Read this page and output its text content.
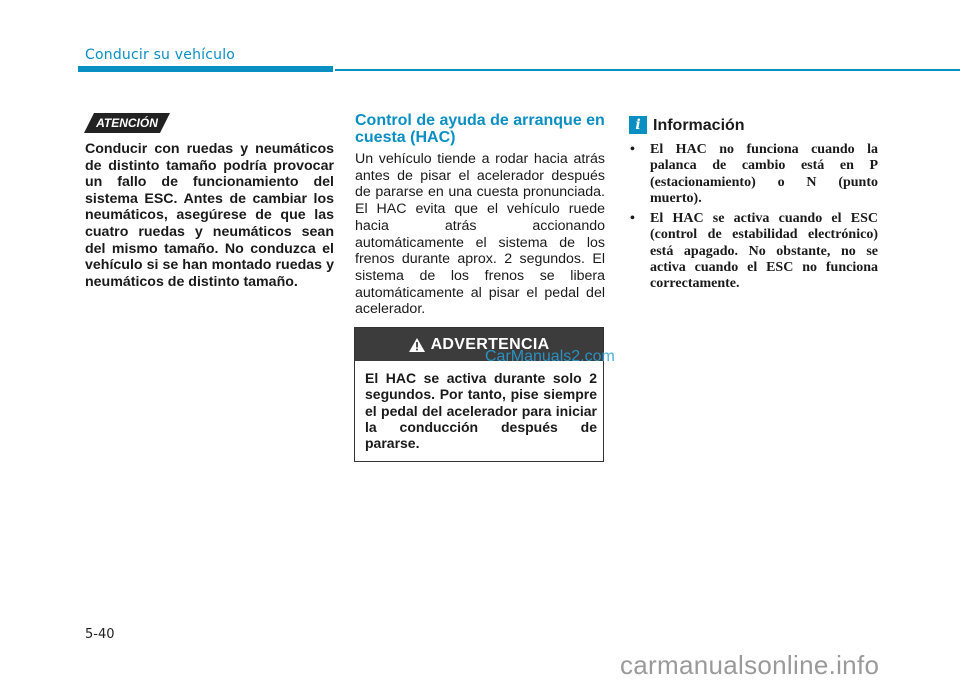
Conducir su vehículo
ATENCIÓN

Conducir con ruedas y neumáticos de distinto tamaño podría provocar un fallo de funcionamiento del sistema ESC. Antes de cambiar los neumáticos, asegúrese de que las cuatro ruedas y neumáticos sean del mismo tamaño. No conduzca el vehículo si se han montado ruedas y neumáticos de distinto tamaño.

Control de ayuda de arranque en cuesta (HAC)

Un vehículo tiende a rodar hacia atrás antes de pisar el acelerador después de pararse en una cuesta pronunciada. El HAC evita que el vehículo ruede hacia atrás accionando automáticamente el sistema de los frenos durante aprox. 2 segundos. El sistema de los frenos se libera automáticamente al pisar el pedal del acelerador.

ADVERTENCIA

El HAC se activa durante solo 2 segundos. Por tanto, pise siempre el pedal del acelerador para iniciar la conducción después de pararse.

CarManuals2.com
i Información
• El HAC no funciona cuando la palanca de cambio está en P (estacionamiento) o N (punto muerto).
• El HAC se activa cuando el ESC (control de estabilidad electrónico) está apagado. No obstante, no se activa cuando el ESC no funciona correctamente.
5-40
carmanualsonline.info
